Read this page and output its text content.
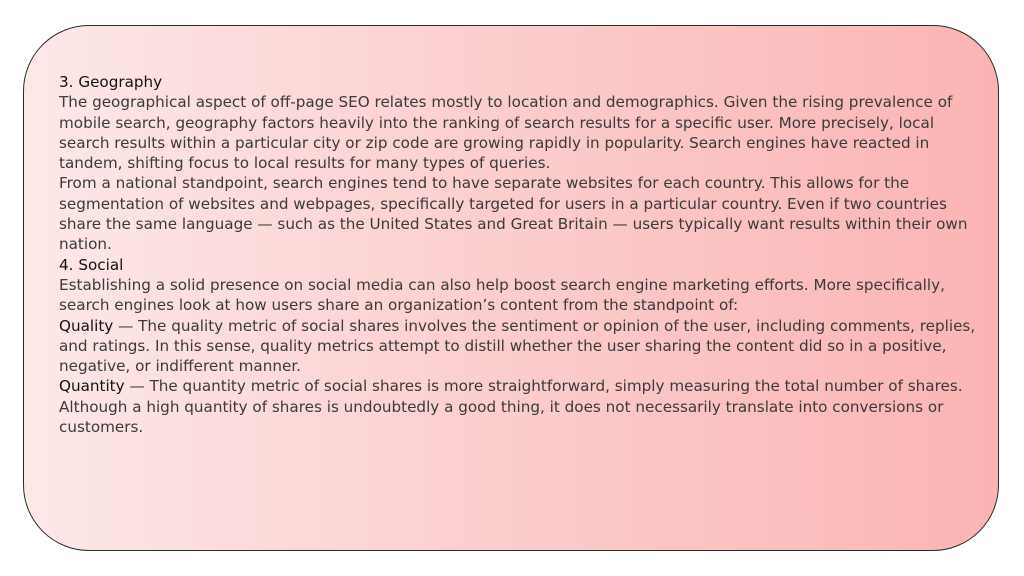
3. Geography

The geographical aspect of off-page SEO relates mostly to location and demographics. Given the rising prevalence of mobile search, geography factors heavily into the ranking of search results for a specific user. More precisely, local search results within a particular city or zip code are growing rapidly in popularity. Search engines have reacted in tandem, shifting focus to local results for many types of queries.

From a national standpoint, search engines tend to have separate websites for each country. This allows for the segmentation of websites and webpages, specifically targeted for users in a particular country. Even if two countries share the same language — such as the United States and Great Britain — users typically want results within their own nation.

4. Social

Establishing a solid presence on social media can also help boost search engine marketing efforts. More specifically, search engines look at how users share an organization’s content from the standpoint of:

Quality — The quality metric of social shares involves the sentiment or opinion of the user, including comments, replies, and ratings. In this sense, quality metrics attempt to distill whether the user sharing the content did so in a positive, negative, or indifferent manner.

Quantity — The quantity metric of social shares is more straightforward, simply measuring the total number of shares. Although a high quantity of shares is undoubtedly a good thing, it does not necessarily translate into conversions or customers.
